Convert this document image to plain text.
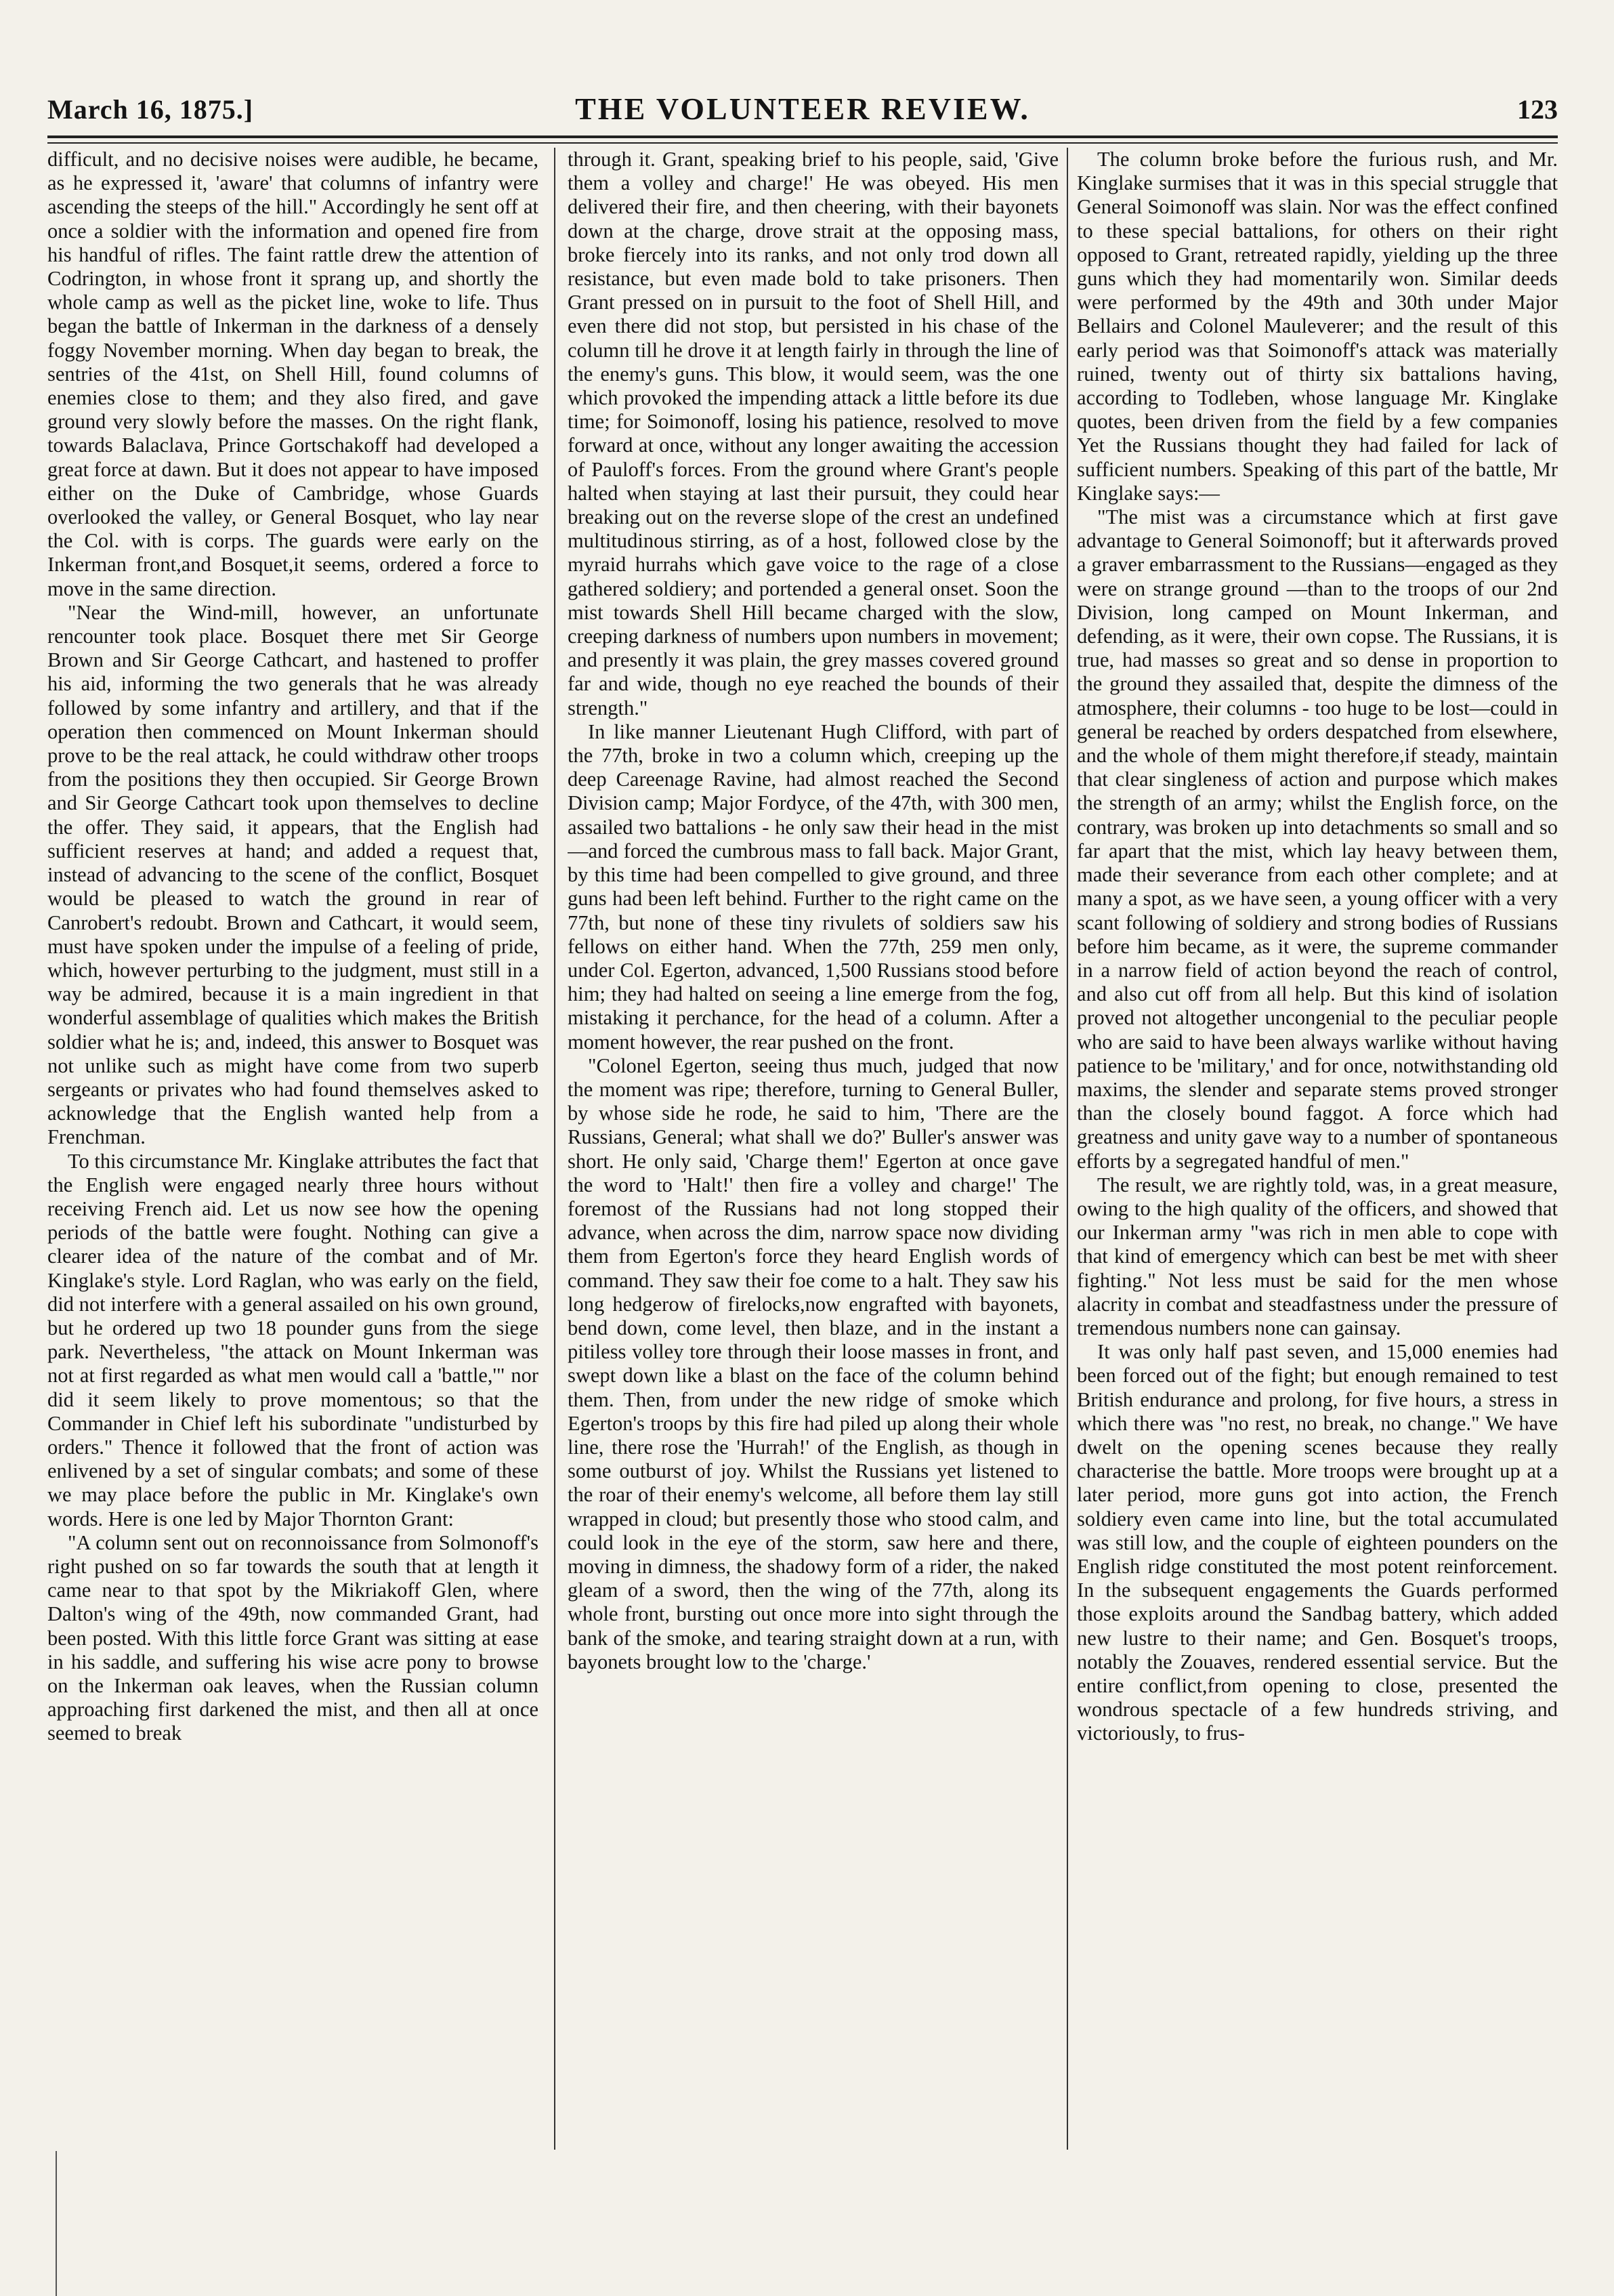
March 16, 1875.]	THE VOLUNTEER REVIEW.	123

difficult, and no decisive noises were audible, he became, as he expressed it, 'aware' that columns of infantry were ascending the steeps of the hill." Accordingly he sent off at once a soldier with the information and opened fire from his handful of rifles. The faint rattle drew the attention of Codrington, in whose front it sprang up, and shortly the whole camp as well as the picket line, woke to life. Thus began the battle of Inkerman in the darkness of a densely foggy November morning. When day began to break, the sentries of the 41st, on Shell Hill, found columns of enemies close to them; and they also fired, and gave ground very slowly before the masses. On the right flank, towards Balaclava, Prince Gortschakoff had developed a great force at dawn. But it does not appear to have imposed either on the Duke of Cambridge, whose Guards overlooked the valley, or General Bosquet, who lay near the Col. with is corps. The guards were early on the Inkerman front,and Bosquet,it seems, ordered a force to move in the same direction.

"Near the Wind-mill, however, an unfortunate rencounter took place. Bosquet there met Sir George Brown and Sir George Cathcart, and hastened to proffer his aid, informing the two generals that he was already followed by some infantry and artillery, and that if the operation then commenced on Mount Inkerman should prove to be the real attack, he could withdraw other troops from the positions they then occupied. Sir George Brown and Sir George Cathcart took upon themselves to decline the offer. They said, it appears, that the English had sufficient reserves at hand; and added a request that, instead of advancing to the scene of the conflict, Bosquet would be pleased to watch the ground in rear of Canrobert's redoubt. Brown and Cathcart, it would seem, must have spoken under the impulse of a feeling of pride, which, however perturbing to the judgment, must still in a way be admired, because it is a main ingredient in that wonderful assemblage of qualities which makes the British soldier what he is; and, indeed, this answer to Bosquet was not unlike such as might have come from two superb sergeants or privates who had found themselves asked to acknowledge that the English wanted help from a Frenchman.

To this circumstance Mr. Kinglake attributes the fact that the English were engaged nearly three hours without receiving French aid. Let us now see how the opening periods of the battle were fought. Nothing can give a clearer idea of the nature of the combat and of Mr. Kinglake's style. Lord Raglan, who was early on the field, did not interfere with a general assailed on his own ground, but he ordered up two 18 pounder guns from the siege park. Nevertheless, "the attack on Mount Inkerman was not at first regarded as what men would call a 'battle,'" nor did it seem likely to prove momentous; so that the Commander in Chief left his subordinate "undisturbed by orders." Thence it followed that the front of action was enlivened by a set of singular combats; and some of these we may place before the public in Mr. Kinglake's own words. Here is one led by Major Thornton Grant:

"A column sent out on reconnoissance from Solmonoff's right pushed on so far towards the south that at length it came near to that spot by the Mikriakoff Glen, where Dalton's wing of the 49th, now commanded Grant, had been posted. With this little force Grant was sitting at ease in his saddle, and suffering his wise acre pony to browse on the Inkerman oak leaves, when the Russian column approaching first darkened the mist, and then all at once seemed to break

through it. Grant, speaking brief to his people, said, 'Give them a volley and charge!' He was obeyed. His men delivered their fire, and then cheering, with their bayonets down at the charge, drove strait at the opposing mass, broke fiercely into its ranks, and not only trod down all resistance, but even made bold to take prisoners. Then Grant pressed on in pursuit to the foot of Shell Hill, and even there did not stop, but persisted in his chase of the column till he drove it at length fairly in through the line of the enemy's guns. This blow, it would seem, was the one which provoked the impending attack a little before its due time; for Soimonoff, losing his patience, resolved to move forward at once, without any longer awaiting the accession of Pauloff's forces. From the ground where Grant's people halted when staying at last their pursuit, they could hear breaking out on the reverse slope of the crest an undefined multitudinous stirring, as of a host, followed close by the myraid hurrahs which gave voice to the rage of a close gathered soldiery; and portended a general onset. Soon the mist towards Shell Hill became charged with the slow, creeping darkness of numbers upon numbers in movement; and presently it was plain, the grey masses covered ground far and wide, though no eye reached the bounds of their strength."

In like manner Lieutenant Hugh Clifford, with part of the 77th, broke in two a column which, creeping up the deep Careenage Ravine, had almost reached the Second Division camp; Major Fordyce, of the 47th, with 300 men, assailed two battalions - he only saw their head in the mist—and forced the cumbrous mass to fall back. Major Grant, by this time had been compelled to give ground, and three guns had been left behind. Further to the right came on the 77th, but none of these tiny rivulets of soldiers saw his fellows on either hand. When the 77th, 259 men only, under Col. Egerton, advanced, 1,500 Russians stood before him; they had halted on seeing a line emerge from the fog, mistaking it perchance, for the head of a column. After a moment however, the rear pushed on the front.

"Colonel Egerton, seeing thus much, judged that now the moment was ripe; therefore, turning to General Buller, by whose side he rode, he said to him, 'There are the Russians, General; what shall we do?' Buller's answer was short. He only said, 'Charge them!' Egerton at once gave the word to 'Halt!' then fire a volley and charge!' The foremost of the Russians had not long stopped their advance, when across the dim, narrow space now dividing them from Egerton's force they heard English words of command. They saw their foe come to a halt. They saw his long hedgerow of firelocks,now engrafted with bayonets, bend down, come level, then blaze, and in the instant a pitiless volley tore through their loose masses in front, and swept down like a blast on the face of the column behind them. Then, from under the new ridge of smoke which Egerton's troops by this fire had piled up along their whole line, there rose the 'Hurrah!' of the English, as though in some outburst of joy. Whilst the Russians yet listened to the roar of their enemy's welcome, all before them lay still wrapped in cloud; but presently those who stood calm, and could look in the eye of the storm, saw here and there, moving in dimness, the shadowy form of a rider, the naked gleam of a sword, then the wing of the 77th, along its whole front, bursting out once more into sight through the bank of the smoke, and tearing straight down at a run, with bayonets brought low to the 'charge.'

The column broke before the furious rush, and Mr. Kinglake surmises that it was in this special struggle that General Soimonoff was slain. Nor was the effect confined to these special battalions, for others on their right opposed to Grant, retreated rapidly, yielding up the three guns which they had momentarily won. Similar deeds were performed by the 49th and 30th under Major Bellairs and Colonel Mauleverer; and the result of this early period was that Soimonoff's attack was materially ruined, twenty out of thirty six battalions having, according to Todleben, whose language Mr. Kinglake quotes, been driven from the field by a few companies Yet the Russians thought they had failed for lack of sufficient numbers. Speaking of this part of the battle, Mr Kinglake says:—

"The mist was a circumstance which at first gave advantage to General Soimonoff; but it afterwards proved a graver embarrassment to the Russians—engaged as they were on strange ground —than to the troops of our 2nd Division, long camped on Mount Inkerman, and defending, as it were, their own copse. The Russians, it is true, had masses so great and so dense in proportion to the ground they assailed that, despite the dimness of the atmosphere, their columns - too huge to be lost—could in general be reached by orders despatched from elsewhere, and the whole of them might therefore,if steady, maintain that clear singleness of action and purpose which makes the strength of an army; whilst the English force, on the contrary, was broken up into detachments so small and so far apart that the mist, which lay heavy between them, made their severance from each other complete; and at many a spot, as we have seen, a young officer with a very scant following of soldiery and strong bodies of Russians before him became, as it were, the supreme commander in a narrow field of action beyond the reach of control, and also cut off from all help. But this kind of isolation proved not altogether uncongenial to the peculiar people who are said to have been always warlike without having patience to be 'military,' and for once, notwithstanding old maxims, the slender and separate stems proved stronger than the closely bound faggot. A force which had greatness and unity gave way to a number of spontaneous efforts by a segregated handful of men."

The result, we are rightly told, was, in a great measure, owing to the high quality of the officers, and showed that our Inkerman army "was rich in men able to cope with that kind of emergency which can best be met with sheer fighting." Not less must be said for the men whose alacrity in combat and steadfastness under the pressure of tremendous numbers none can gainsay.

It was only half past seven, and 15,000 enemies had been forced out of the fight; but enough remained to test British endurance and prolong, for five hours, a stress in which there was "no rest, no break, no change." We have dwelt on the opening scenes because they really characterise the battle. More troops were brought up at a later period, more guns got into action, the French soldiery even came into line, but the total accumulated was still low, and the couple of eighteen pounders on the English ridge constituted the most potent reinforcement. In the subsequent engagements the Guards performed those exploits around the Sandbag battery, which added new lustre to their name; and Gen. Bosquet's troops, notably the Zouaves, rendered essential service. But the entire conflict,from opening to close, presented the wondrous spectacle of a few hundreds striving, and victoriously, to frus-
